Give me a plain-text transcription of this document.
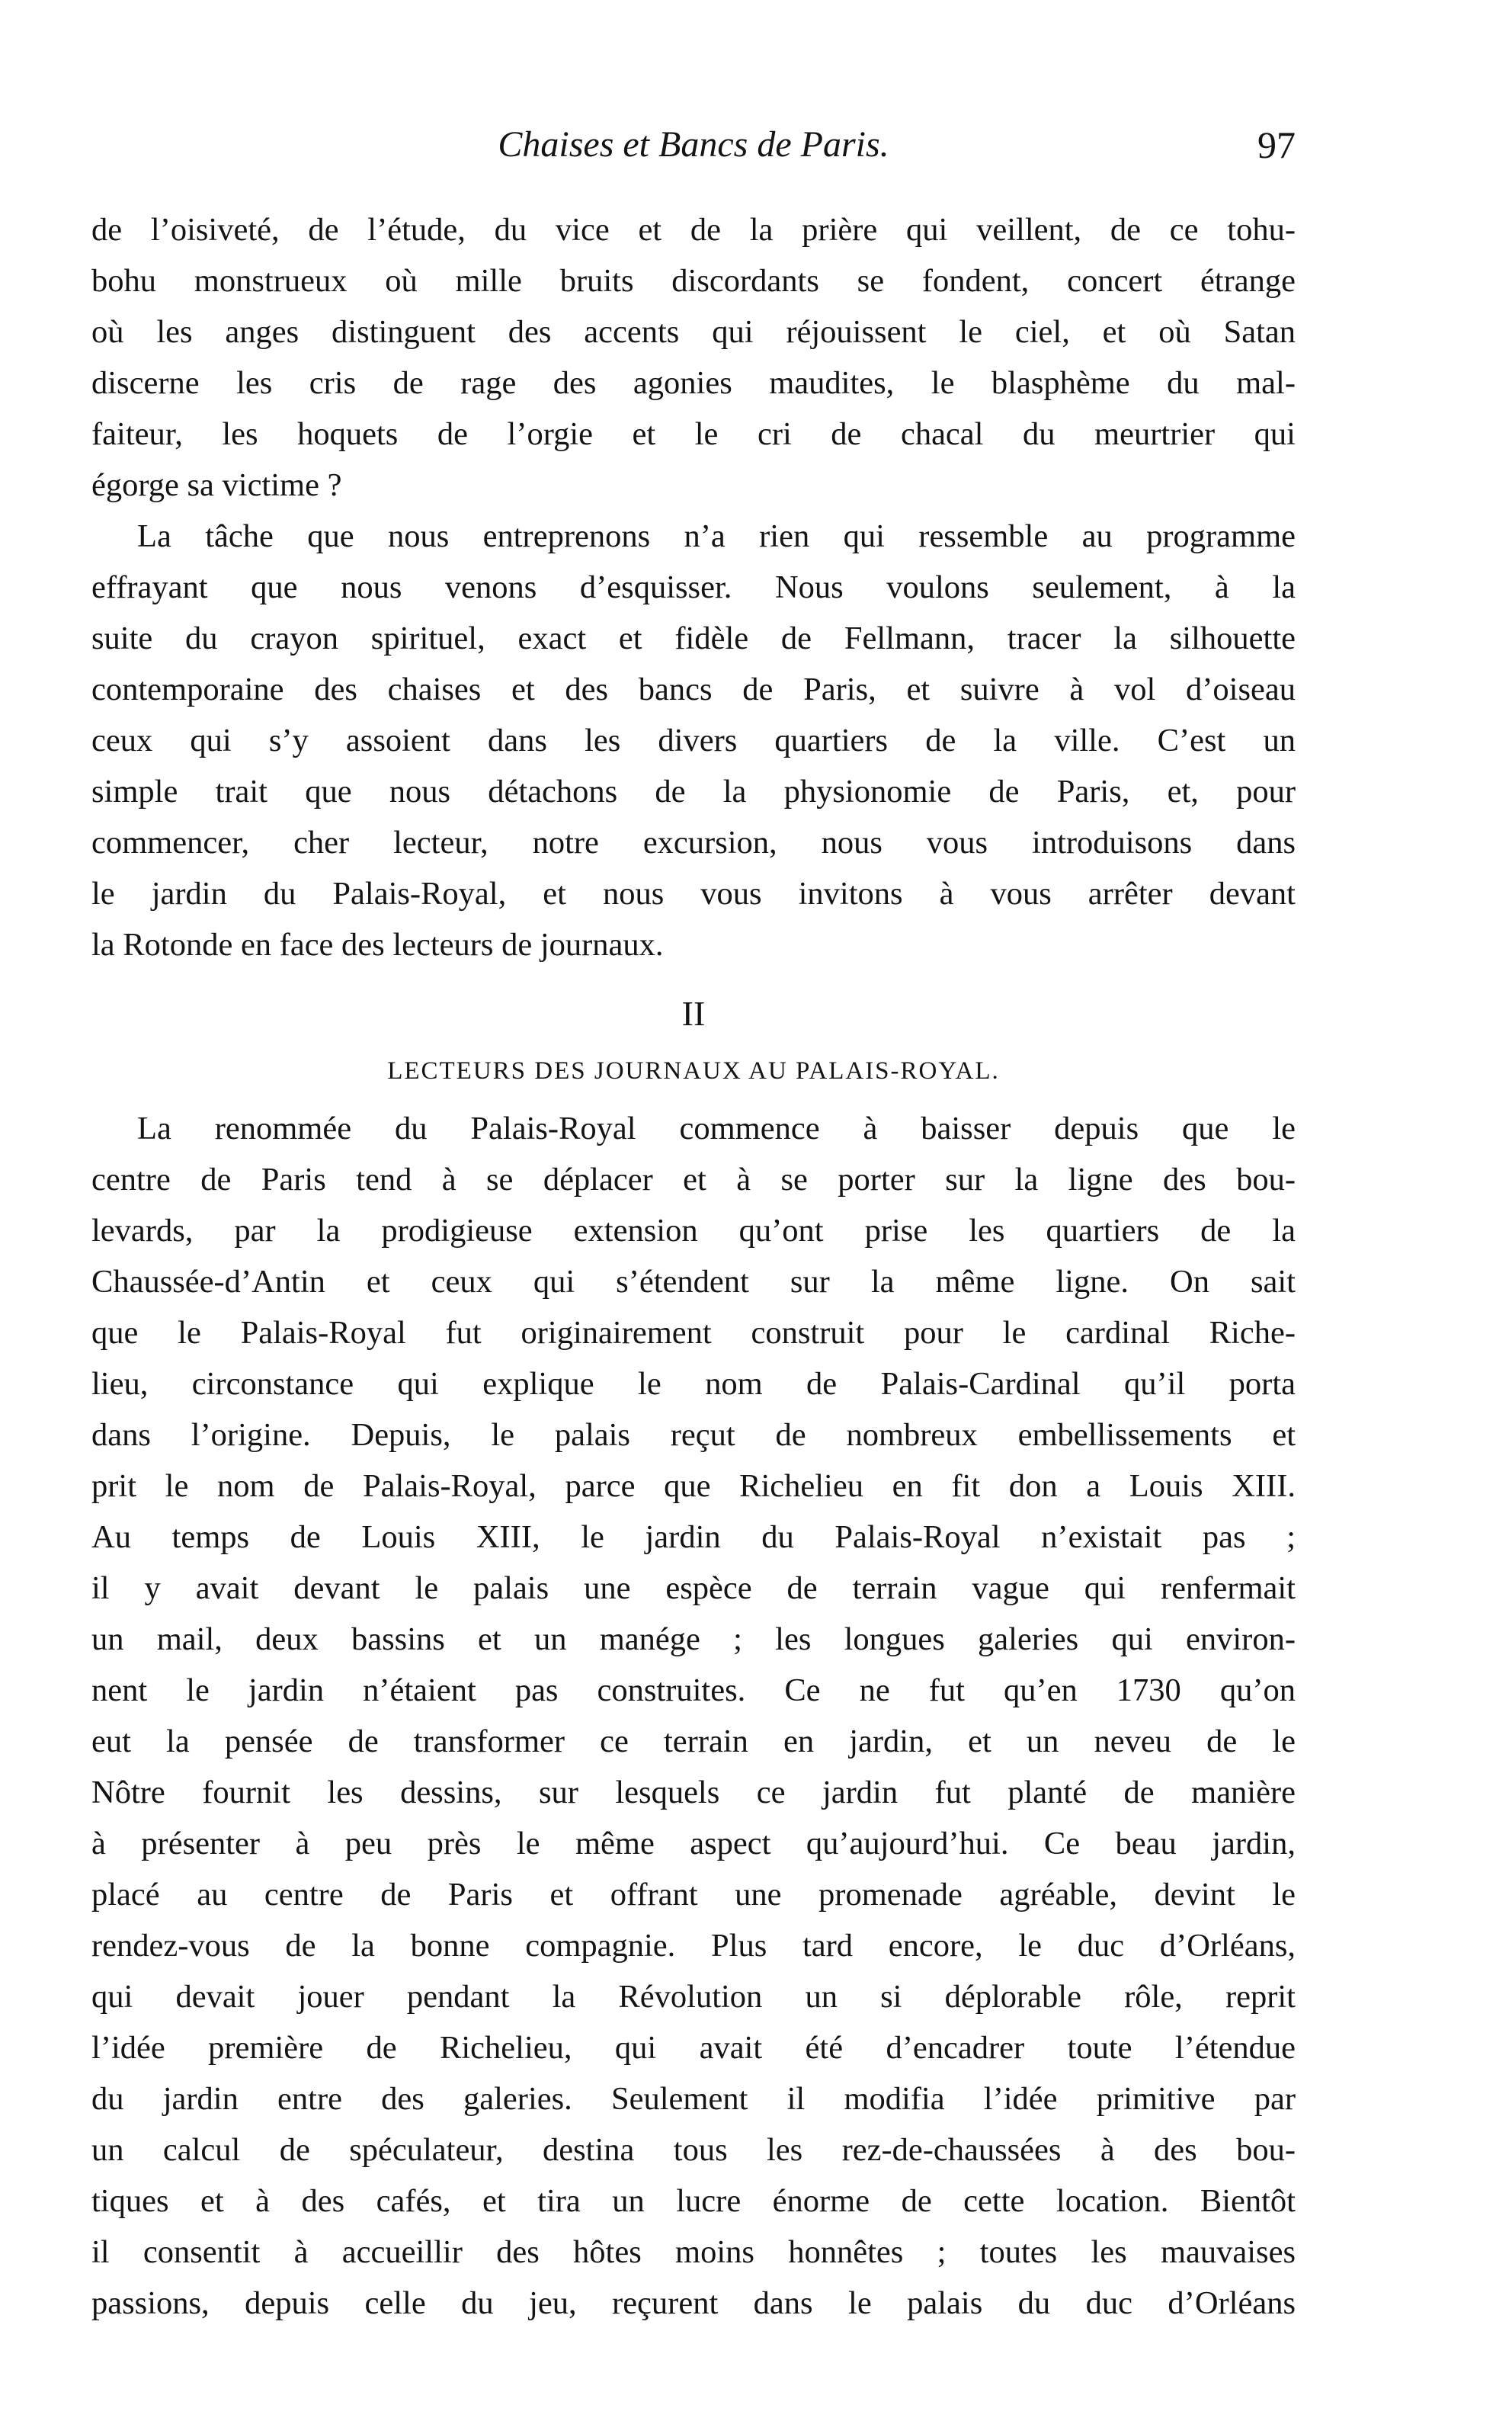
Chaises et Bancs de Paris.	97
de l’oisiveté, de l’étude, du vice et de la prière qui veillent, de ce tohu-
bohu monstrueux où mille bruits discordants se fondent, concert étrange
où les anges distinguent des accents qui réjouissent le ciel, et où Satan
discerne les cris de rage des agonies maudites, le blasphème du mal-
faiteur, les hoquets de l’orgie et le cri de chacal du meurtrier qui
égorge sa victime ?
La tâche que nous entreprenons n’a rien qui ressemble au programme
effrayant que nous venons d’esquisser. Nous voulons seulement, à la
suite du crayon spirituel, exact et fidèle de Fellmann, tracer la silhouette
contemporaine des chaises et des bancs de Paris, et suivre à vol d’oiseau
ceux qui s’y assoient dans les divers quartiers de la ville. C’est un
simple trait que nous détachons de la physionomie de Paris, et, pour
commencer, cher lecteur, notre excursion, nous vous introduisons dans
le jardin du Palais-Royal, et nous vous invitons à vous arrêter devant
la Rotonde en face des lecteurs de journaux.
II
LECTEURS DES JOURNAUX AU PALAIS-ROYAL.
La renommée du Palais-Royal commence à baisser depuis que le
centre de Paris tend à se déplacer et à se porter sur la ligne des bou-
levards, par la prodigieuse extension qu’ont prise les quartiers de la
Chaussée-d’Antin et ceux qui s’étendent sur la même ligne. On sait
que le Palais-Royal fut originairement construit pour le cardinal Riche-
lieu, circonstance qui explique le nom de Palais-Cardinal qu’il porta
dans l’origine. Depuis, le palais reçut de nombreux embellissements et
prit le nom de Palais-Royal, parce que Richelieu en fit don a Louis XIII.
Au temps de Louis XIII, le jardin du Palais-Royal n’existait pas ;
il y avait devant le palais une espèce de terrain vague qui renfermait
un mail, deux bassins et un manége ; les longues galeries qui environ-
nent le jardin n’étaient pas construites. Ce ne fut qu’en 1730 qu’on
eut la pensée de transformer ce terrain en jardin, et un neveu de le
Nôtre fournit les dessins, sur lesquels ce jardin fut planté de manière
à présenter à peu près le même aspect qu’aujourd’hui. Ce beau jardin,
placé au centre de Paris et offrant une promenade agréable, devint le
rendez-vous de la bonne compagnie. Plus tard encore, le duc d’Orléans,
qui devait jouer pendant la Révolution un si déplorable rôle, reprit
l’idée première de Richelieu, qui avait été d’encadrer toute l’étendue
du jardin entre des galeries. Seulement il modifia l’idée primitive par
un calcul de spéculateur, destina tous les rez-de-chaussées à des bou-
tiques et à des cafés, et tira un lucre énorme de cette location. Bientôt
il consentit à accueillir des hôtes moins honnêtes ; toutes les mauvaises
passions, depuis celle du jeu, reçurent dans le palais du duc d’Orléans
